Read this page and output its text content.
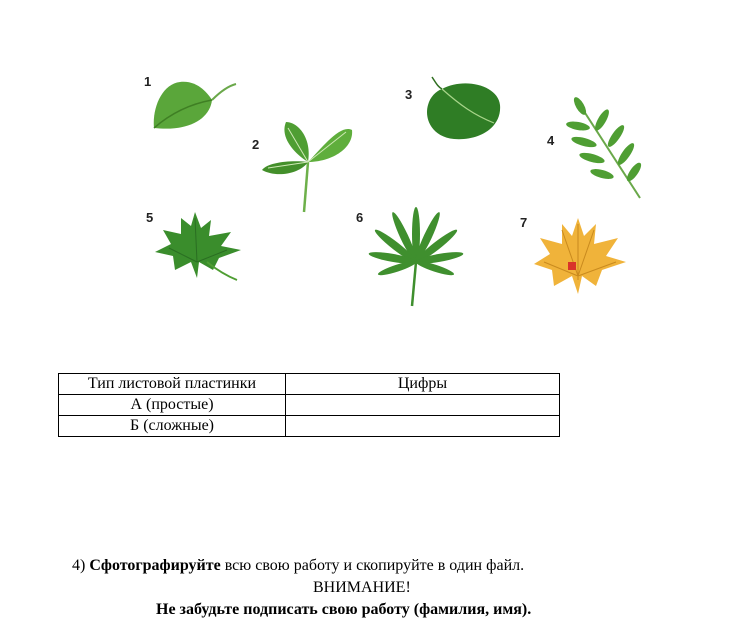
1
2
3
4
5	6	7
Тип листовой пластинки	Цифры
А (простые)	
Б (сложные)	
4) Сфотографируйте всю свою работу и скопируйте в один файл.
ВНИМАНИЕ!
Не забудьте подписать свою работу (фамилия, имя).
